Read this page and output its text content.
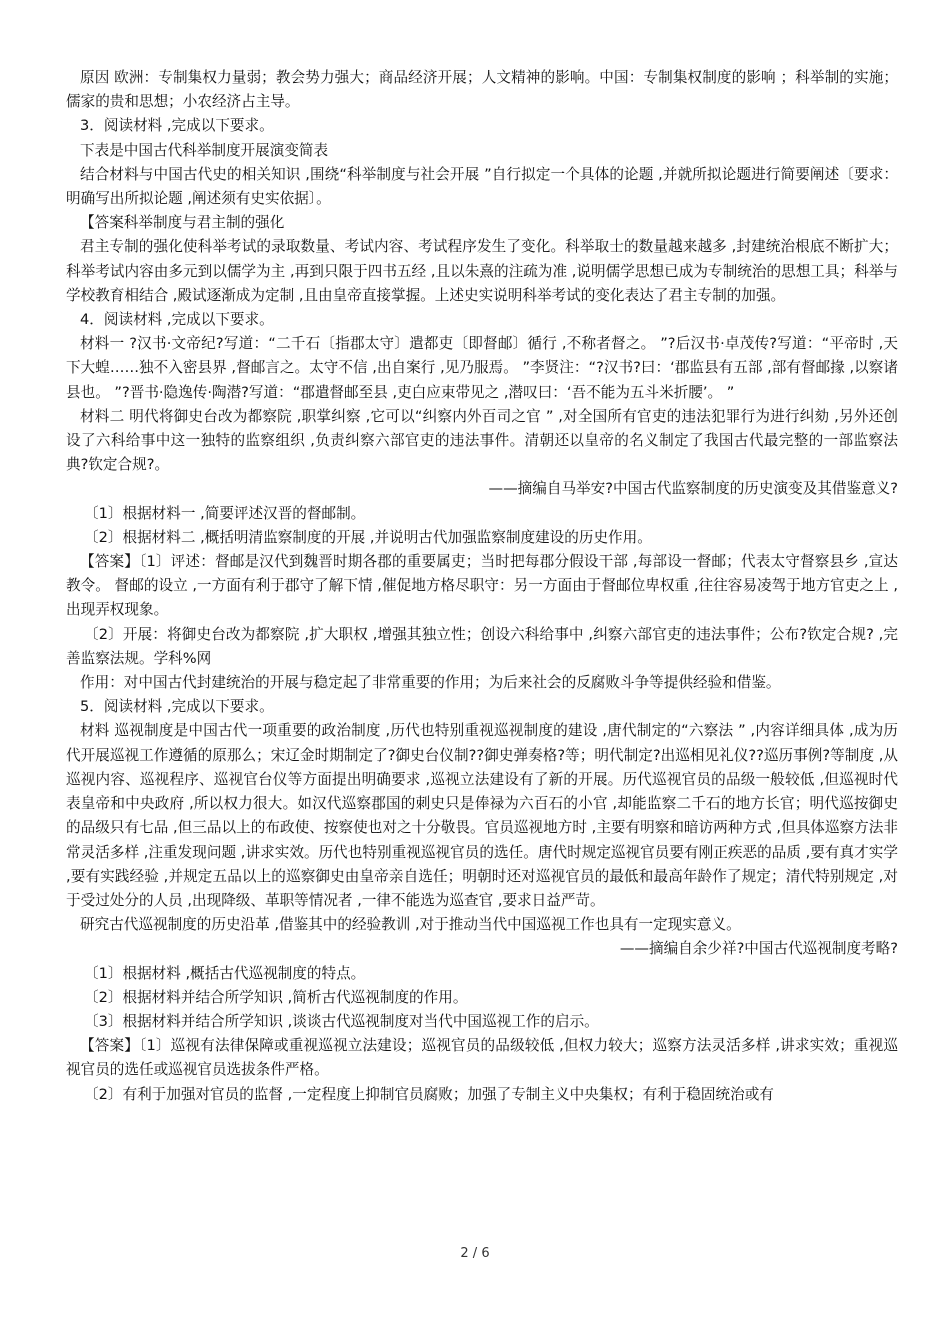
原因 欧洲：专制集权力量弱；教会势力强大；商品经济开展；人文精神的影响。中国：专制集权制度的影响 ；科举制的实施；儒家的贵和思想；小农经济占主导。

3．阅读材料 ,完成以下要求。

下表是中国古代科举制度开展演变简表

结合材料与中国古代史的相关知识 ,围绕“科举制度与社会开展 ”自行拟定一个具体的论题 ,并就所拟论题进行简要阐述〔要求：明确写出所拟论题 ,阐述须有史实依据〕。

【答案科举制度与君主制的强化

君主专制的强化使科举考试的录取数量、考试内容、考试程序发生了变化。科举取士的数量越来越多 ,封建统治根底不断扩大；科举考试内容由多元到以儒学为主 ,再到只限于四书五经 ,且以朱熹的注疏为准 ,说明儒学思想已成为专制统治的思想工具；科举与学校教育相结合 ,殿试逐渐成为定制 ,且由皇帝直接掌握。上述史实说明科举考试的变化表达了君主专制的加强。

4．阅读材料 ,完成以下要求。

材料一 ?汉书·文帝纪?写道：“二千石〔指郡太守〕遣都吏〔即督邮〕循行 ,不称者督之。 ”?后汉书·卓茂传?写道：“平帝时 ,天下大蝗……独不入密县界 ,督邮言之。太守不信 ,出自案行 ,见乃服焉。 ”李贤注：“?汉书?曰：‘郡监县有五部 ,部有督邮掾 ,以察诸县也。 ”?晋书·隐逸传·陶潜?写道：“郡遣督邮至县 ,吏白应束带见之 ,潜叹曰：‘吾不能为五斗米折腰’。 ”

材料二 明代将御史台改为都察院 ,职掌纠察 ,它可以“纠察内外百司之官 ” ,对全国所有官吏的违法犯罪行为进行纠劾 ,另外还创设了六科给事中这一独特的监察组织 ,负责纠察六部官吏的违法事件。清朝还以皇帝的名义制定了我国古代最完整的一部监察法典?钦定合规?。

——摘编自马举安?中国古代监察制度的历史演变及其借鉴意义?

〔1〕根据材料一 ,简要评述汉晋的督邮制。

〔2〕根据材料二 ,概括明清监察制度的开展 ,并说明古代加强监察制度建设的历史作用。

【答案】〔1〕评述：督邮是汉代到魏晋时期各郡的重要属吏；当时把每郡分假设干部 ,每部设一督邮；代表太守督察县乡 ,宣达教令。 督邮的设立 ,一方面有利于郡守了解下情 ,催促地方格尽职守：另一方面由于督邮位卑权重 ,往往容易凌驾于地方官吏之上 ,出现弄权现象。

〔2〕开展：将御史台改为都察院 ,扩大职权 ,增强其独立性；创设六科给事中 ,纠察六部官吏的违法事件；公布?钦定合规? ,完善监察法规。学科%网

作用：对中国古代封建统治的开展与稳定起了非常重要的作用；为后来社会的反腐败斗争等提供经验和借鉴。

5．阅读材料 ,完成以下要求。

材料 巡视制度是中国古代一项重要的政治制度 ,历代也特别重视巡视制度的建设 ,唐代制定的“六察法 ” ,内容详细具体 ,成为历代开展巡视工作遵循的原那么；宋辽金时期制定了?御史台仪制??御史弹奏格?等；明代制定?出巡相见礼仪??巡历事例?等制度 ,从巡视内容、巡视程序、巡视官台仪等方面提出明确要求 ,巡视立法建设有了新的开展。历代巡视官员的品级一般较低 ,但巡视时代表皇帝和中央政府 ,所以权力很大。如汉代巡察郡国的刺史只是俸禄为六百石的小官 ,却能监察二千石的地方长官；明代巡按御史的品级只有七品 ,但三品以上的布政使、按察使也对之十分敬畏。官员巡视地方时 ,主要有明察和暗访两种方式 ,但具体巡察方法非常灵活多样 ,注重发现问题 ,讲求实效。历代也特别重视巡视官员的选任。唐代时规定巡视官员要有刚正疾恶的品质 ,要有真才实学 ,要有实践经验 ,并规定五品以上的巡察御史由皇帝亲自选任；明朝时还对巡视官员的最低和最高年龄作了规定；清代特别规定 ,对于受过处分的人员 ,出现降级、革职等情况者 ,一律不能选为巡查官 ,要求日益严苛。

研究古代巡视制度的历史沿革 ,借鉴其中的经验教训 ,对于推动当代中国巡视工作也具有一定现实意义。

——摘编自余少祥?中国古代巡视制度考略?

〔1〕根据材料 ,概括古代巡视制度的特点。

〔2〕根据材料并结合所学知识 ,简析古代巡视制度的作用。

〔3〕根据材料并结合所学知识 ,谈谈古代巡视制度对当代中国巡视工作的启示。

【答案】〔1〕巡视有法律保障或重视巡视立法建设；巡视官员的品级较低 ,但权力较大；巡察方法灵活多样 ,讲求实效；重视巡视官员的选任或巡视官员选拔条件严格。

〔2〕有利于加强对官员的监督 ,一定程度上抑制官员腐败；加强了专制主义中央集权；有利于稳固统治或有

2 / 6
